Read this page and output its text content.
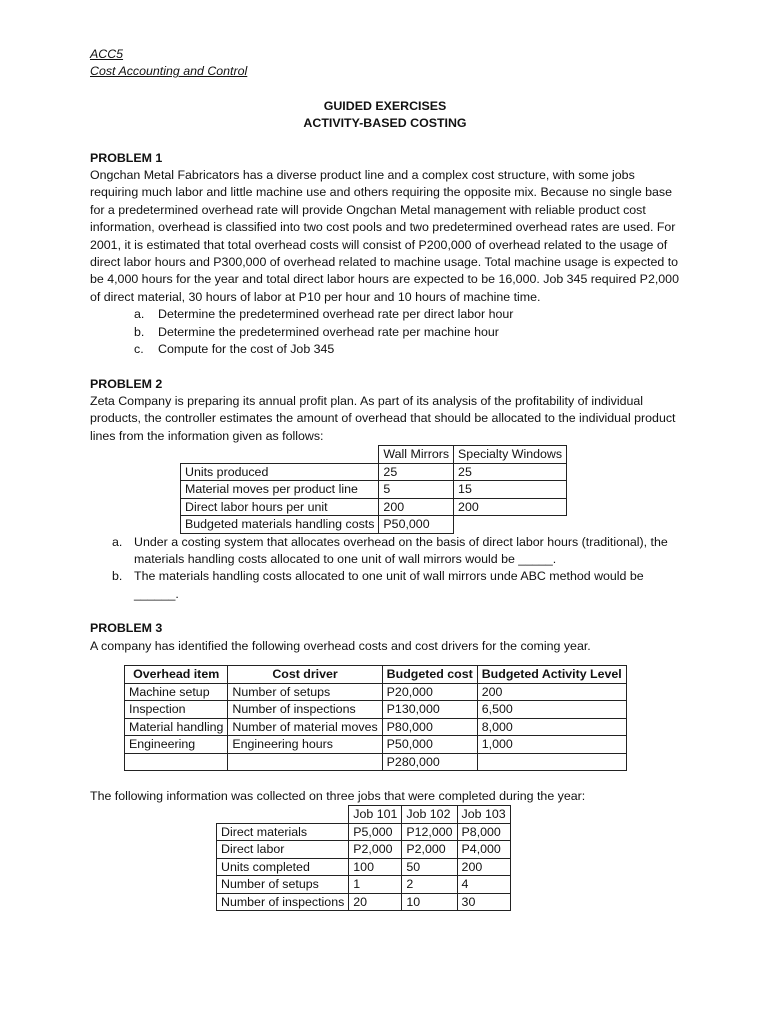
ACC5
Cost Accounting and Control
GUIDED EXERCISES
ACTIVITY-BASED COSTING
PROBLEM 1

Ongchan Metal Fabricators has a diverse product line and a complex cost structure, with some jobs requiring much labor and little machine use and others requiring the opposite mix. Because no single base for a predetermined overhead rate will provide Ongchan Metal management with reliable product cost information, overhead is classified into two cost pools and two predetermined overhead rates are used. For 2001, it is estimated that total overhead costs will consist of P200,000 of overhead related to the usage of direct labor hours and P300,000 of overhead related to machine usage. Total machine usage is expected to be 4,000 hours for the year and total direct labor hours are expected to be 16,000. Job 345 required P2,000 of direct material, 30 hours of labor at P10 per hour and 10 hours of machine time.

a. Determine the predetermined overhead rate per direct labor hour
b. Determine the predetermined overhead rate per machine hour
c. Compute for the cost of Job 345
PROBLEM 2

Zeta Company is preparing its annual profit plan. As part of its analysis of the profitability of individual products, the controller estimates the amount of overhead that should be allocated to the individual product lines from the information given as follows:

	Wall Mirrors	Specialty Windows
Units produced	25	25
Material moves per product line	5	15
Direct labor hours per unit	200	200
Budgeted materials handling costs	P50,000	
a. Under a costing system that allocates overhead on the basis of direct labor hours (traditional), the materials handling costs allocated to one unit of wall mirrors would be _____.
b. The materials handling costs allocated to one unit of wall mirrors unde ABC method would be ______.
PROBLEM 3

A company has identified the following overhead costs and cost drivers for the coming year.

Overhead item	Cost driver	Budgeted cost	Budgeted Activity Level
Machine setup	Number of setups	P20,000	200
Inspection	Number of inspections	P130,000	6,500
Material handling	Number of material moves	P80,000	8,000
Engineering	Engineering hours	P50,000	1,000
		P280,000	

The following information was collected on three jobs that were completed during the year:

	Job 101	Job 102	Job 103
Direct materials	P5,000	P12,000	P8,000
Direct labor	P2,000	P2,000	P4,000
Units completed	100	50	200
Number of setups	1	2	4
Number of inspections	20	10	30
